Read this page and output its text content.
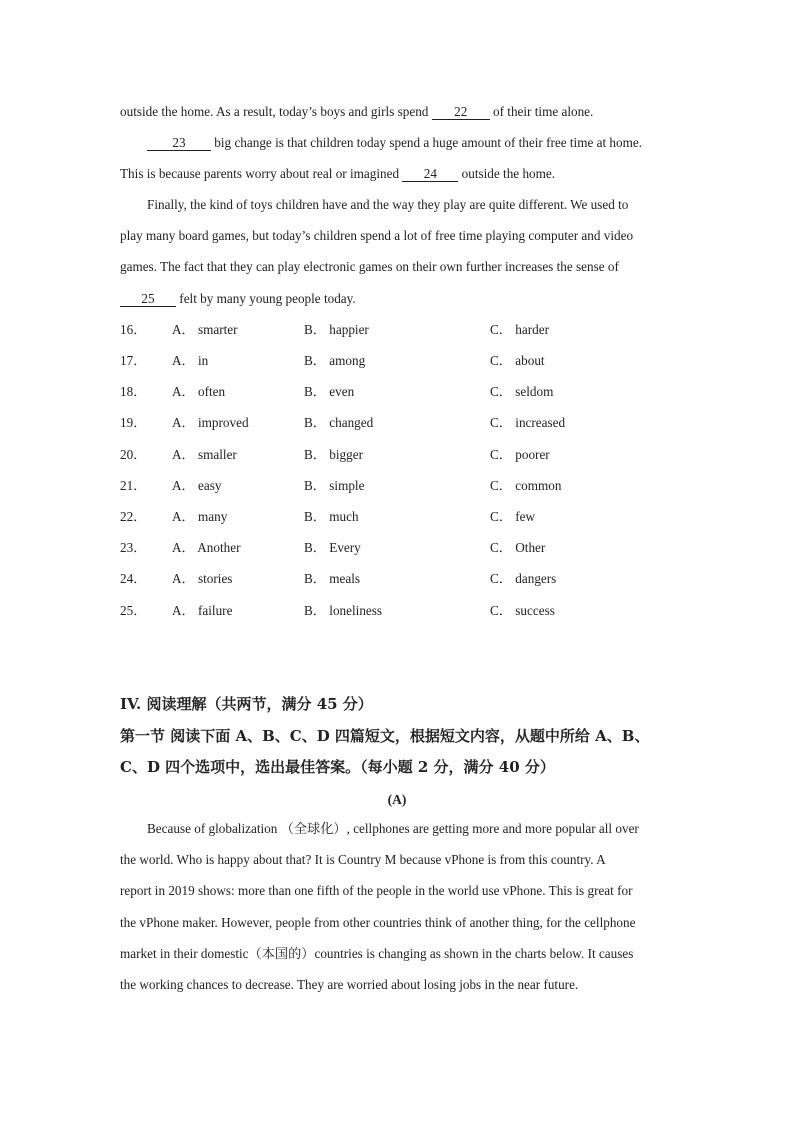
outside the home. As a result, today’s boys and girls spend 22 of their time alone.
23 big change is that children today spend a huge amount of their free time at home.
This is because parents worry about real or imagined 24 outside the home.
Finally, the kind of toys children have and the way they play are quite different. We used to
play many board games, but today’s children spend a lot of free time playing computer and video
games. The fact that they can play electronic games on their own further increases the sense of
25 felt by many young people today.
16． A． smarter	B． happier	C． harder
17． A． in	B． among	C． about
18． A． often	B． even	C． seldom
19． A． improved	B． changed	C． increased
20． A． smaller	B． bigger	C． poorer
21． A． easy	B． simple	C． common
22． A． many	B． much	C． few
23． A． Another	B． Every	C． Other
24． A． stories	B． meals	C． dangers
25． A． failure	B． loneliness	C． success
IV. 阅读理解（共两节，满分 45 分）
第一节 阅读下面 A、B、C、D 四篇短文，根据短文内容，从题中所给 A、B、
C、D 四个选项中，选出最佳答案。（每小题 2 分，满分 40 分）
(A)
Because of globalization （全球化）, cellphones are getting more and more popular all over
the world. Who is happy about that? It is Country M because vPhone is from this country. A
report in 2019 shows: more than one fifth of the people in the world use vPhone. This is great for
the vPhone maker. However, people from other countries think of another thing, for the cellphone
market in their domestic（本国的）countries is changing as shown in the charts below. It causes
the working chances to decrease. They are worried about losing jobs in the near future.
